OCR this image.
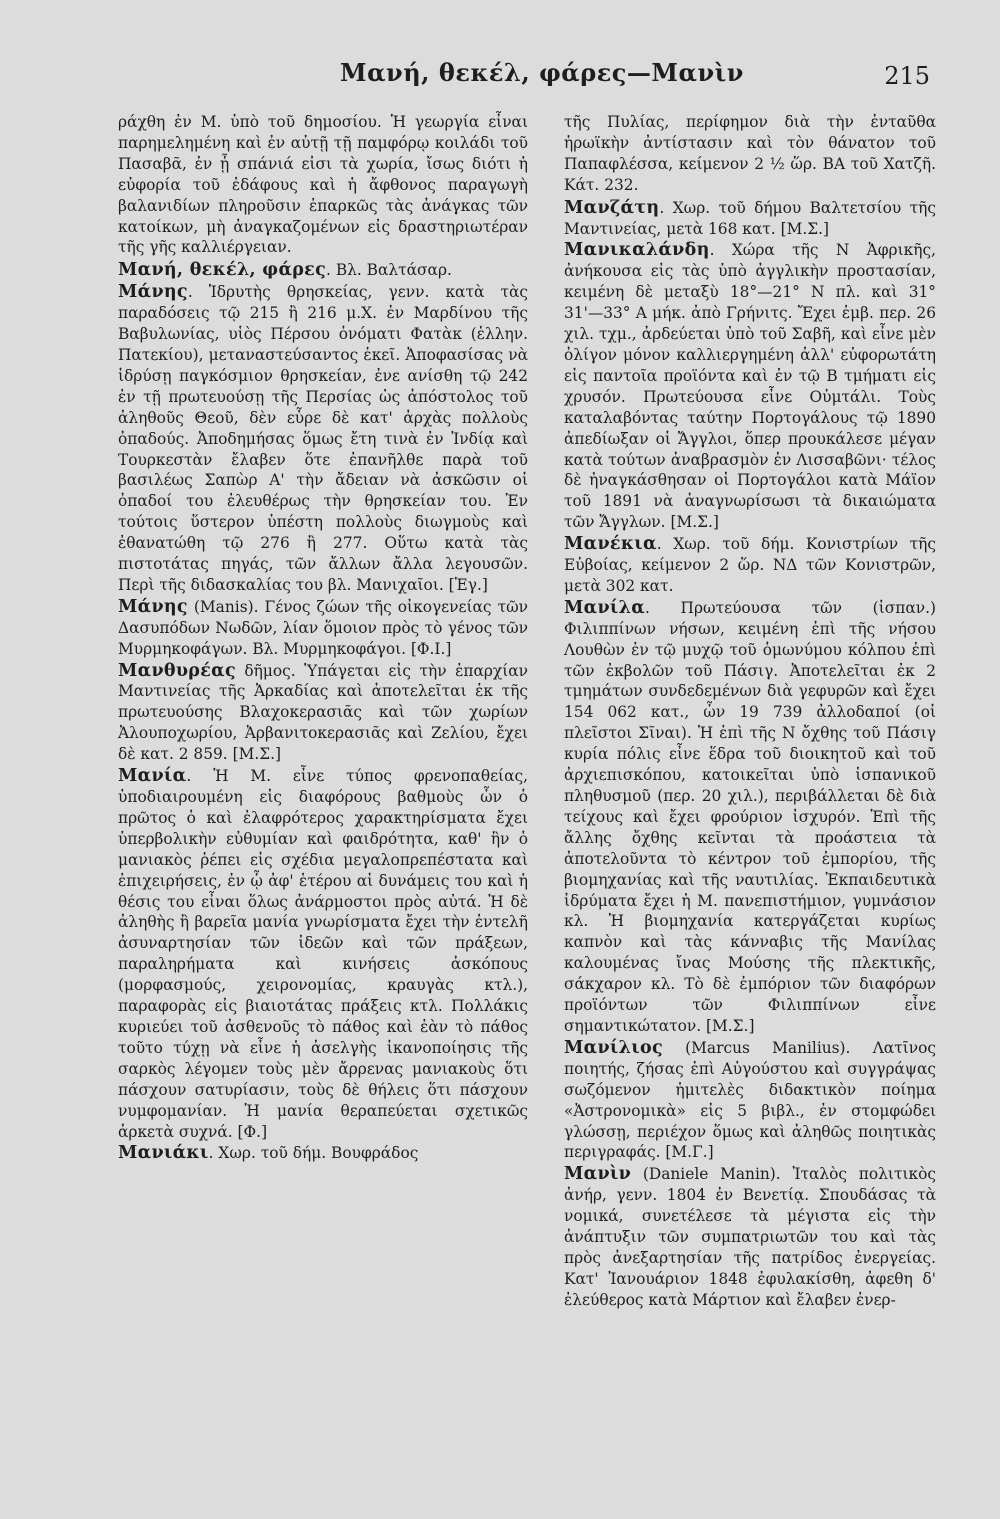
Μανή, θεκέλ, φάρες—Μανὶν	215

ράχθη ἐν Μ. ὑπὸ τοῦ δημοσίου. Ἡ γεωργία εἶναι παρημελημένη καὶ ἐν αὐτῇ τῇ παμφόρῳ κοιλάδι τοῦ Πασαβᾶ, ἐν ᾗ σπάνιά εἰσι τὰ χωρία, ἴσως διότι ἡ εὐφορία τοῦ ἐδάφους καὶ ἡ ἄφθονος παραγωγὴ βαλανιδίων πληροῦσιν ἐπαρκῶς τὰς ἀνάγκας τῶν κατοίκων, μὴ ἀναγκαζομένων εἰς δραστηριωτέραν τῆς γῆς καλλιέργειαν.

Μανή, θεκέλ, φάρες. Βλ. Βαλτάσαρ.

Μάνης. Ἱδρυτὴς θρησκείας, γενν. κατὰ τὰς παραδόσεις τῷ 215 ἢ 216 μ.Χ. ἐν Μαρδίνου τῆς Βαβυλωνίας, υἱὸς Πέρσου ὀνόματι Φατὰκ (ἑλλην. Πατεκίου), μεταναστεύσαντος ἐκεῖ. Ἀποφασίσας νὰ ἱδρύσῃ παγκόσμιον θρησκείαν, ἐνε ανίσθη τῷ 242 ἐν τῇ πρωτευούσῃ τῆς Περσίας ὡς ἀπόστολος τοῦ ἀληθοῦς Θεοῦ, δὲν εὗρε δὲ κατ' ἀρχὰς πολλοὺς ὀπαδούς. Ἀποδημήσας ὅμως ἔτη τινὰ ἐν Ἰνδίᾳ καὶ Τουρκεστὰν ἔλαβεν ὅτε ἐπανῆλθε παρὰ τοῦ βασιλέως Σαπὼρ Α' τὴν ἄδειαν νὰ ἀσκῶσιν οἱ ὀπαδοί του ἐλευθέρως τὴν θρησκείαν του. Ἐν τούτοις ὕστερον ὑπέστη πολλοὺς διωγμοὺς καὶ ἐθανατώθη τῷ 276 ἢ 277. Οὕτω κατὰ τὰς πιστοτάτας πηγάς, τῶν ἄλλων ἄλλα λεγουσῶν. Περὶ τῆς διδασκαλίας του βλ. Μανιχαῖοι. [Ἐγ.]

Μάνης (Manis). Γένος ζώων τῆς οἰκογενείας τῶν Δασυπόδων Νωδῶν, λίαν ὅμοιον πρὸς τὸ γένος τῶν Μυρμηκοφάγων. Βλ. Μυρμηκοφάγοι. [Φ.Ι.]

Μανθυρέας δῆμος. Ὑπάγεται εἰς τὴν ἐπαρχίαν Μαντινείας τῆς Ἀρκαδίας καὶ ἀποτελεῖται ἐκ τῆς πρωτευούσης Βλαχοκερασιᾶς καὶ τῶν χωρίων Ἀλουποχωρίου, Ἀρβανιτοκερασιᾶς καὶ Ζελίου, ἔχει δὲ κατ. 2 859. [Μ.Σ.]

Μανία. Ἡ Μ. εἶνε τύπος φρενοπαθείας, ὑποδιαιρουμένη εἰς διαφόρους βαθμοὺς ὧν ὁ πρῶτος ὁ καὶ ἐλαφρότερος χαρακτηρίσματα ἔχει ὑπερβολικὴν εὐθυμίαν καὶ φαιδρότητα, καθ' ἣν ὁ μανιακὸς ῥέπει εἰς σχέδια μεγαλοπρεπέστατα καὶ ἐπιχειρήσεις, ἐν ᾧ ἀφ' ἑτέρου αἱ δυνάμεις του καὶ ἡ θέσις του εἶναι ὅλως ἀνάρμοστοι πρὸς αὐτά. Ἡ δὲ ἀληθὴς ἢ βαρεῖα μανία γνωρίσματα ἔχει τὴν ἐντελῆ ἀσυναρτησίαν τῶν ἰδεῶν καὶ τῶν πράξεων, παραληρήματα καὶ κινήσεις ἀσκόπους (μορφασμούς, χειρονομίας, κραυγὰς κτλ.), παραφορὰς εἰς βιαιοτάτας πράξεις κτλ. Πολλάκις κυριεύει τοῦ ἀσθενοῦς τὸ πάθος καὶ ἐὰν τὸ πάθος τοῦτο τύχῃ νὰ εἶνε ἡ ἀσελγὴς ἱκανοποίησις τῆς σαρκὸς λέγομεν τοὺς μὲν ἄρρενας μανιακοὺς ὅτι πάσχουν σατυρίασιν, τοὺς δὲ θήλεις ὅτι πάσχουν νυμφομανίαν. Ἡ μανία θεραπεύεται σχετικῶς ἀρκετὰ συχνά. [Φ.]

Μανιάκι. Χωρ. τοῦ δήμ. Βουφράδος

τῆς Πυλίας, περίφημον διὰ τὴν ἐνταῦθα ἡρωϊκὴν ἀντίστασιν καὶ τὸν θάνατον τοῦ Παπαφλέσσα, κείμενον 2 ½ ὥρ. ΒΑ τοῦ Χατζῆ. Κάτ. 232.

Μανζάτη. Χωρ. τοῦ δήμου Βαλτετσίου τῆς Μαντινείας, μετὰ 168 κατ. [Μ.Σ.]

Μανικαλάνδη. Χώρα τῆς Ν Ἀφρικῆς, ἀνήκουσα εἰς τὰς ὑπὸ ἀγγλικὴν προστασίαν, κειμένη δὲ μεταξὺ 18°—21° Ν πλ. καὶ 31° 31'—33° Α μήκ. ἀπὸ Γρήνιτς. Ἔχει ἐμβ. περ. 26 χιλ. τχμ., ἀρδεύεται ὑπὸ τοῦ Σαβῆ, καὶ εἶνε μὲν ὀλίγον μόνον καλλιεργημένη ἀλλ' εὐφορωτάτη εἰς παντοῖα προϊόντα καὶ ἐν τῷ Β τμήματι εἰς χρυσόν. Πρωτεύουσα εἶνε Οὐμτάλι. Τοὺς καταλαβόντας ταύτην Πορτογάλους τῷ 1890 ἀπεδίωξαν οἱ Ἄγγλοι, ὅπερ προυκάλεσε μέγαν κατὰ τούτων ἀναβρασμὸν ἐν Λισσαβῶνι· τέλος δὲ ἠναγκάσθησαν οἱ Πορτογάλοι κατὰ Μάϊον τοῦ 1891 νὰ ἀναγνωρίσωσι τὰ δικαιώματα τῶν Ἄγγλων. [Μ.Σ.]

Μανέκια. Χωρ. τοῦ δήμ. Κονιστρίων τῆς Εὐβοίας, κείμενον 2 ὥρ. ΝΔ τῶν Κονιστρῶν, μετὰ 302 κατ.

Μανίλα. Πρωτεύουσα τῶν (ἱσπαν.) Φιλιππίνων νήσων, κειμένη ἐπὶ τῆς νήσου Λουθὼν ἐν τῷ μυχῷ τοῦ ὁμωνύμου κόλπου ἐπὶ τῶν ἐκβολῶν τοῦ Πάσιγ. Ἀποτελεῖται ἐκ 2 τμημάτων συνδεδεμένων διὰ γεφυρῶν καὶ ἔχει 154 062 κατ., ὧν 19 739 ἀλλοδαποί (οἱ πλεῖστοι Σῖναι). Ἡ ἐπὶ τῆς Ν ὄχθης τοῦ Πάσιγ κυρία πόλις εἶνε ἕδρα τοῦ διοικητοῦ καὶ τοῦ ἀρχιεπισκόπου, κατοικεῖται ὑπὸ ἱσπανικοῦ πληθυσμοῦ (περ. 20 χιλ.), περιβάλλεται δὲ διὰ τείχους καὶ ἔχει φρούριον ἰσχυρόν. Ἐπὶ τῆς ἄλλης ὄχθης κεῖνται τὰ προάστεια τὰ ἀποτελοῦντα τὸ κέντρον τοῦ ἐμπορίου, τῆς βιομηχανίας καὶ τῆς ναυτιλίας. Ἐκπαιδευτικὰ ἱδρύματα ἔχει ἡ Μ. πανεπιστήμιον, γυμνάσιον κλ. Ἡ βιομηχανία κατεργάζεται κυρίως καπνὸν καὶ τὰς κάνναβις τῆς Μανίλας καλουμένας ἴνας Μούσης τῆς πλεκτικῆς, σάκχαρον κλ. Τὸ δὲ ἐμπόριον τῶν διαφόρων προϊόντων τῶν Φιλιππίνων εἶνε σημαντικώτατον. [Μ.Σ.]

Μανίλιος (Marcus Manilius). Λατῖνος ποιητής, ζήσας ἐπὶ Αὐγούστου καὶ συγγράψας σωζόμενον ἡμιτελὲς διδακτικὸν ποίημα «Ἀστρονομικὰ» εἰς 5 βιβλ., ἐν στομφώδει γλώσσῃ, περιέχον ὅμως καὶ ἀληθῶς ποιητικὰς περιγραφάς. [Μ.Γ.]

Μανὶν (Daniele Manin). Ἰταλὸς πολιτικὸς ἀνήρ, γενν. 1804 ἐν Βενετίᾳ. Σπουδάσας τὰ νομικά, συνετέλεσε τὰ μέγιστα εἰς τὴν ἀνάπτυξιν τῶν συμπατριωτῶν του καὶ τὰς πρὸς ἀνεξαρτησίαν τῆς πατρίδος ἐνεργείας. Κατ' Ἰανουάριον 1848 ἐφυλακίσθη, ἀφεθη δ' ἐλεύθερος κατὰ Μάρτιον καὶ ἔλαβεν ἐνερ-
